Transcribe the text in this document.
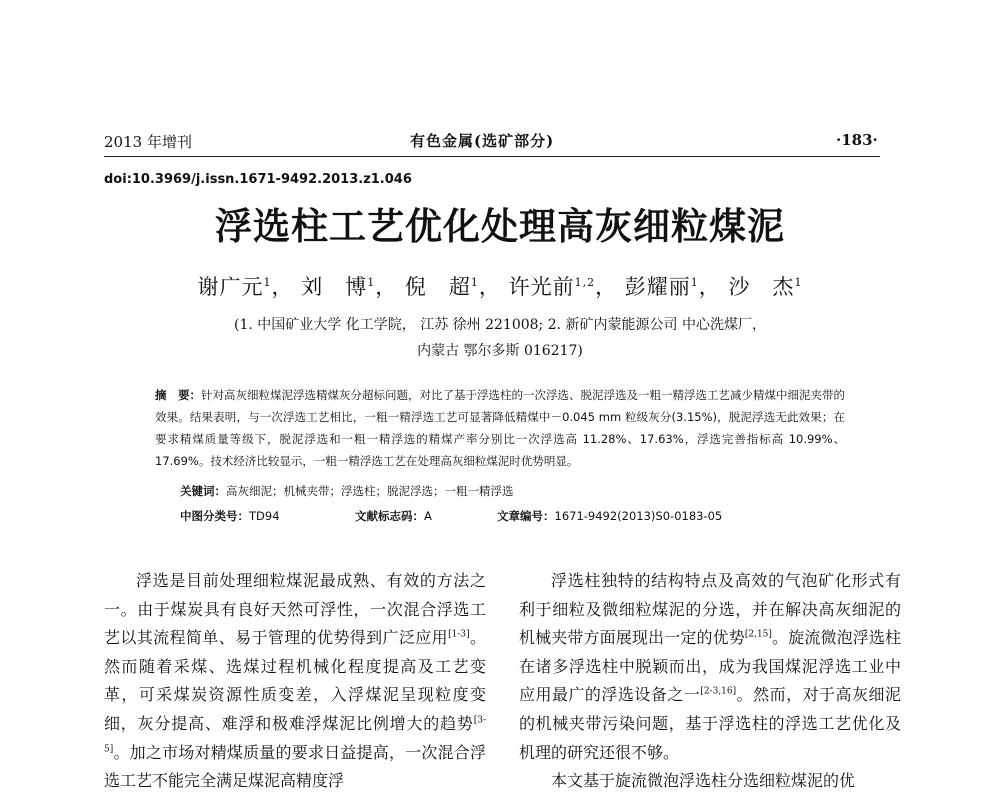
2013 年增刊	有色金属(选矿部分)	·183·
doi:10.3969/j.issn.1671-9492.2013.z1.046
浮选柱工艺优化处理高灰细粒煤泥
谢广元$^1$， 刘　博$^1$， 倪　超$^1$， 许光前$^{1,2}$， 彭耀丽$^1$， 沙　杰$^1$
(1. 中国矿业大学 化工学院， 江苏 徐州 221008; 2. 新矿内蒙能源公司 中心洗煤厂，
内蒙古 鄂尔多斯 016217)
摘　要：针对高灰细粒煤泥浮选精煤灰分超标问题，对比了基于浮选柱的一次浮选、脱泥浮选及一粗一精浮选工艺减少精煤中细泥夹带的效果。结果表明，与一次浮选工艺相比，一粗一精浮选工艺可显著降低精煤中－0.045 mm 粒级灰分(3.15%)，脱泥浮选无此效果；在要求精煤质量等级下，脱泥浮选和一粗一精浮选的精煤产率分别比一次浮选高 11.28%、17.63%，浮选完善指标高 10.99%、17.69%。技术经济比较显示，一粗一精浮选工艺在处理高灰细粒煤泥时优势明显。
关键词：高灰细泥；机械夹带；浮选柱；脱泥浮选；一粗一精浮选
中图分类号：TD94	文献标志码：A	文章编号：1671-9492(2013)S0-0183-05

浮选是目前处理细粒煤泥最成熟、有效的方法之一。由于煤炭具有良好天然可浮性，一次混合浮选工艺以其流程简单、易于管理的优势得到广泛应用[1-3]。然而随着采煤、选煤过程机械化程度提高及工艺变革，可采煤炭资源性质变差，入浮煤泥呈现粒度变细，灰分提高、难浮和极难浮煤泥比例增大的趋势[3-5]。加之市场对精煤质量的要求日益提高，一次混合浮选工艺不能完全满足煤泥高精度浮

浮选柱独特的结构特点及高效的气泡矿化形式有利于细粒及微细粒煤泥的分选，并在解决高灰细泥的机械夹带方面展现出一定的优势[2,15]。旋流微泡浮选柱在诸多浮选柱中脱颖而出，成为我国煤泥浮选工业中应用最广的浮选设备之一[2-3,16]。然而，对于高灰细泥的机械夹带污染问题，基于浮选柱的浮选工艺优化及机理的研究还很不够。

本文基于旋流微泡浮选柱分选细粒煤泥的优
